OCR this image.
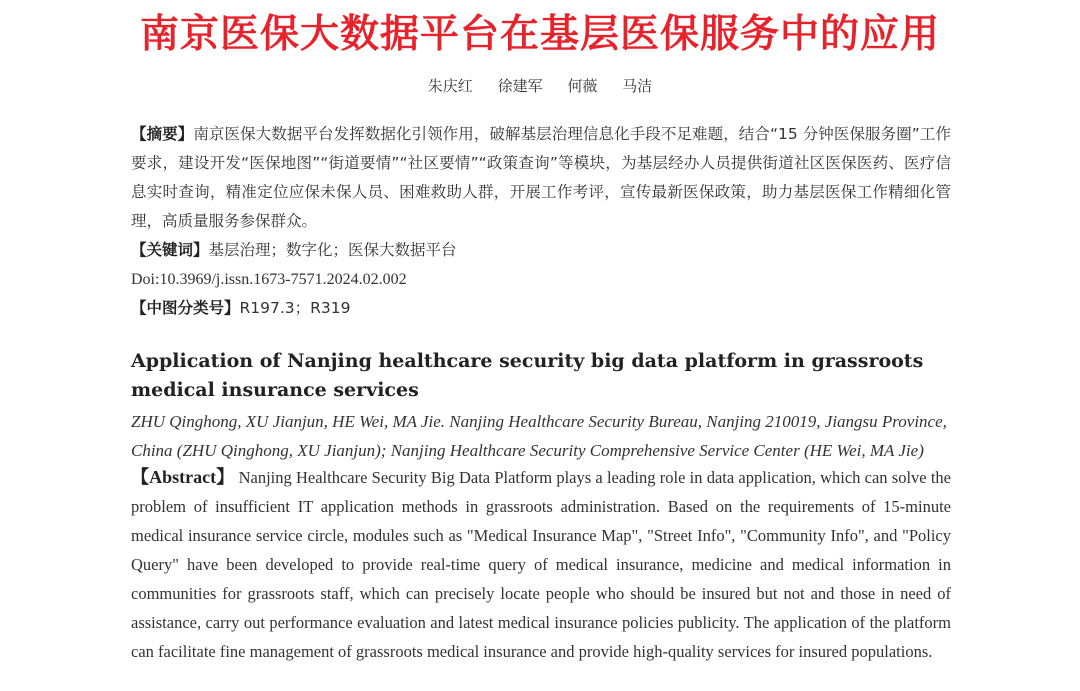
南京医保大数据平台在基层医保服务中的应用
朱庆红 徐建军 何薇 马洁

【摘要】南京医保大数据平台发挥数据化引领作用，破解基层治理信息化手段不足难题，结合“15 分钟医保服务圈”工作要求，建设开发“医保地图”“街道要情”“社区要情”“政策查询”等模块，为基层经办人员提供街道社区医保医药、医疗信息实时查询，精准定位应保未保人员、困难救助人群，开展工作考评，宣传最新医保政策，助力基层医保工作精细化管理，高质量服务参保群众。

【关键词】基层治理；数字化；医保大数据平台

Doi:10.3969/j.issn.1673-7571.2024.02.002

【中图分类号】R197.3；R319

Application of Nanjing healthcare security big data platform in grassroots medical insurance services

ZHU Qinghong, XU Jianjun, HE Wei, MA Jie. Nanjing Healthcare Security Bureau, Nanjing 210019, Jiangsu Province, China (ZHU Qinghong, XU Jianjun); Nanjing Healthcare Security Comprehensive Service Center (HE Wei, MA Jie)

【Abstract】 Nanjing Healthcare Security Big Data Platform plays a leading role in data application, which can solve the problem of insufficient IT application methods in grassroots administration. Based on the requirements of 15-minute medical insurance service circle, modules such as "Medical Insurance Map", "Street Info", "Community Info", and "Policy Query" have been developed to provide real-time query of medical insurance, medicine and medical information in communities for grassroots staff, which can precisely locate people who should be insured but not and those in need of assistance, carry out performance evaluation and latest medical insurance policies publicity. The application of the platform can facilitate fine management of grassroots medical insurance and provide high-quality services for insured populations.
